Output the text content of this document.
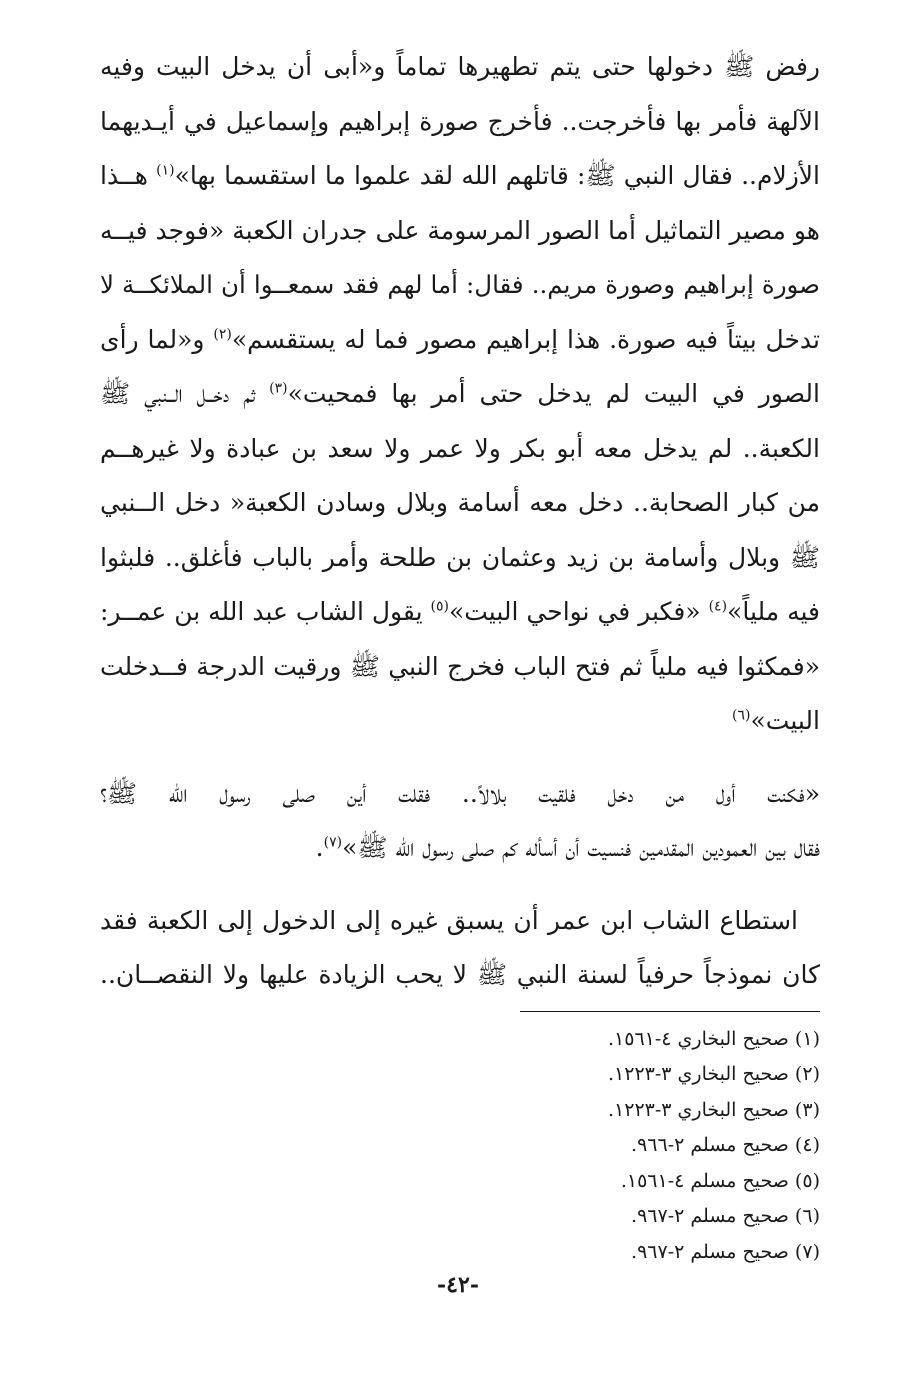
رفض ﷺ دخولها حتى يتم تطهيرها تماماً و«أبى أن يدخل البيت وفيه
الآلهة فأمر بها فأخرجت.. فأخرج صورة إبراهيم وإسماعيل في أيـديهما
الأزلام.. فقال النبي ﷺ: قاتلهم الله لقد علموا ما استقسما بها»$^{(١)}$ هــذا
هو مصير التماثيل أما الصور المرسومة على جدران الكعبة «فوجد فيــه
صورة إبراهيم وصورة مريم.. فقال: أما لهم فقد سمعــوا أن الملائكــة لا
تدخل بيتاً فيه صورة. هذا إبراهيم مصور فما له يستقسم»$^{(٢)}$ و«لما رأى
الصور في البيت لم يدخل حتى أمر بها فمحيت»$^{(٣)}$ ثم دخــل الــنبي ﷺ
الكعبة.. لم يدخل معه أبو بكر ولا عمر ولا سعد بن عبادة ولا غيرهــم
من كبار الصحابة.. دخل معه أسامة وبلال وسادن الكعبة« دخل الــنبي
ﷺ وبلال وأسامة بن زيد وعثمان بن طلحة وأمر بالباب فأغلق.. فلبثوا
فيه ملياً»$^{(٤)}$ «فكبر في نواحي البيت»$^{(٥)}$ يقول الشاب عبد الله بن عمــر:
«فمكثوا فيه ملياً ثم فتح الباب فخرج النبي ﷺ ورقيت الدرجة فــدخلت
البيت»$^{(٦)}$
«فكنت أول من دخل فلقيت بلالاً.. فقلت أين صلى رسول الله ﷺ؟
فقال بين العمودين المقدمين فنسيت أن أسأله كم صلى رسول الله ﷺ»$^{(٧)}$.
استطاع الشاب ابن عمر أن يسبق غيره إلى الدخول إلى الكعبة فقد
كان نموذجاً حرفياً لسنة النبي ﷺ لا يحب الزيادة عليها ولا النقصــان..
(١) صحيح البخاري ٤-١٥٦١.
(٢) صحيح البخاري ٣-١٢٢٣.
(٣) صحيح البخاري ٣-١٢٢٣.
(٤) صحيح مسلم ٢-٩٦٦.
(٥) صحيح مسلم ٤-١٥٦١.
(٦) صحيح مسلم ٢-٩٦٧.
(٧) صحيح مسلم ٢-٩٦٧.
-٤٢-
